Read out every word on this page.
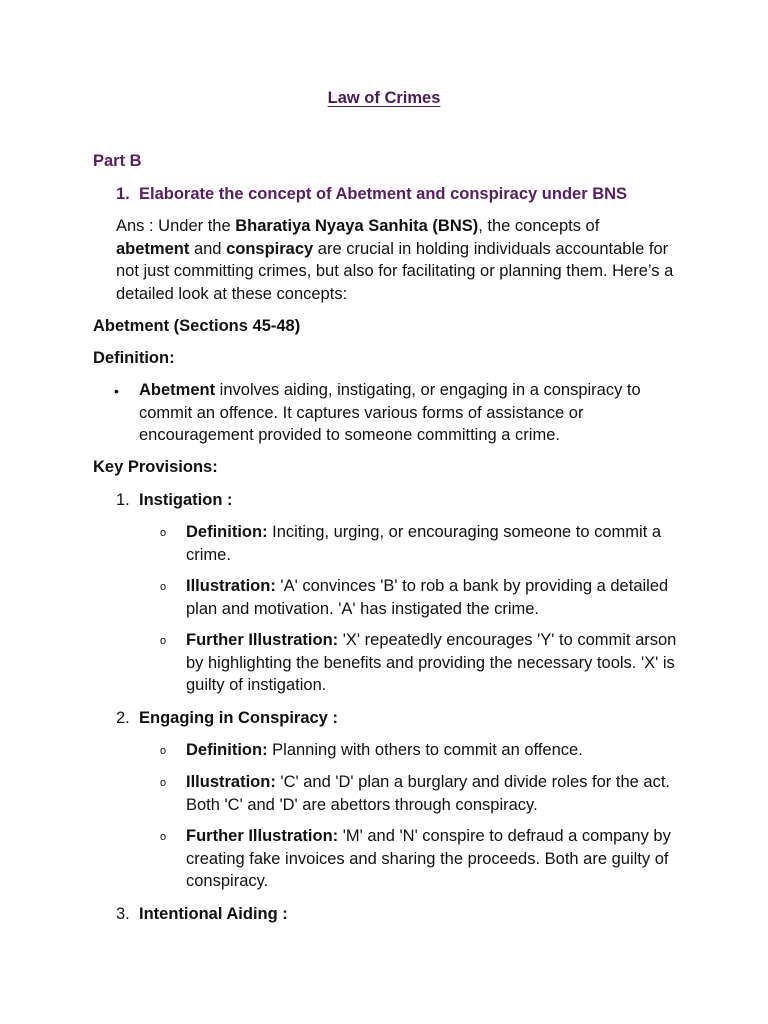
Law of Crimes
Part B
1. Elaborate the concept of Abetment and conspiracy under BNS
Ans : Under the Bharatiya Nyaya Sanhita (BNS), the concepts of abetment and conspiracy are crucial in holding individuals accountable for not just committing crimes, but also for facilitating or planning them. Here’s a detailed look at these concepts:
Abetment (Sections 45-48)
Definition:
•	Abetment involves aiding, instigating, or engaging in a conspiracy to commit an offence. It captures various forms of assistance or encouragement provided to someone committing a crime.
Key Provisions:
1. Instigation :
o	Definition: Inciting, urging, or encouraging someone to commit a crime.
o	Illustration: 'A' convinces 'B' to rob a bank by providing a detailed plan and motivation. 'A' has instigated the crime.
o	Further Illustration: 'X' repeatedly encourages 'Y' to commit arson by highlighting the benefits and providing the necessary tools. 'X' is guilty of instigation.
2. Engaging in Conspiracy :
o	Definition: Planning with others to commit an offence.
o	Illustration: 'C' and 'D' plan a burglary and divide roles for the act. Both 'C' and 'D' are abettors through conspiracy.
o	Further Illustration: 'M' and 'N' conspire to defraud a company by creating fake invoices and sharing the proceeds. Both are guilty of conspiracy.
3. Intentional Aiding :
